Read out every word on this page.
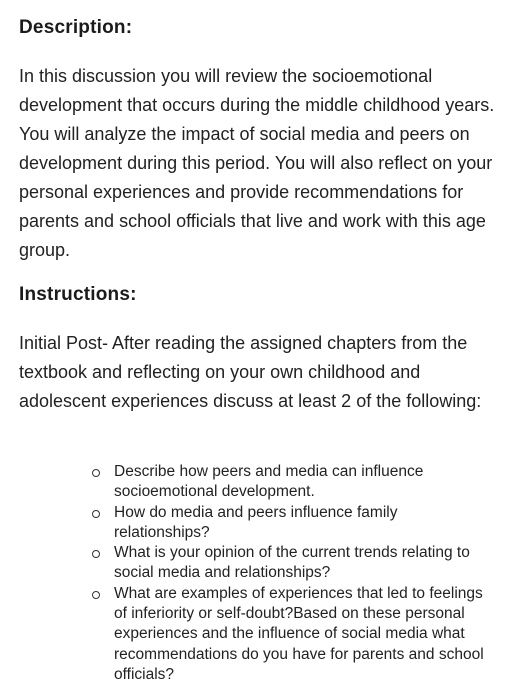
Description:
In this discussion you will review the socioemotional development that occurs during the middle childhood years. You will analyze the impact of social media and peers on development during this period. You will also reflect on your personal experiences and provide recommendations for parents and school officials that live and work with this age group.
Instructions:
Initial Post- After reading the assigned chapters from the textbook and reflecting on your own childhood and adolescent experiences discuss at least 2 of the following:
Describe how peers and media can influence socioemotional development.
How do media and peers influence family relationships?
What is your opinion of the current trends relating to social media and relationships?
What are examples of experiences that led to feelings of inferiority or self-doubt?Based on these personal experiences and the influence of social media what recommendations do you have for parents and school officials?
